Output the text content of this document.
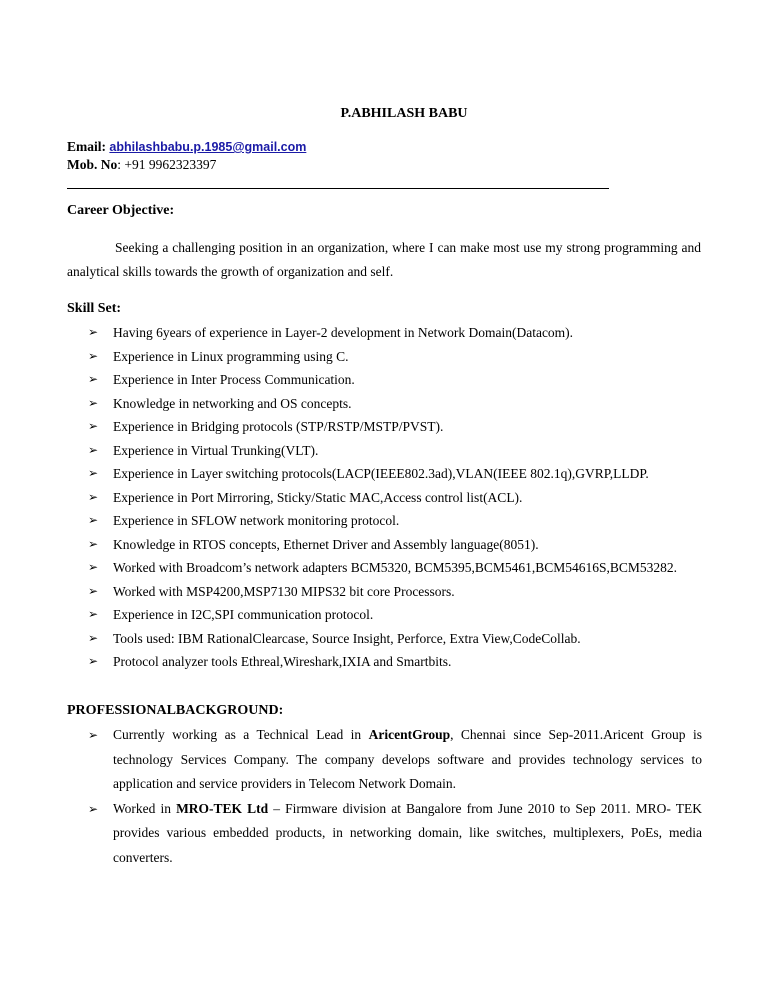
P.ABHILASH BABU
Email: abhilashbabu.p.1985@gmail.com
Mob. No: +91 9962323397
Career Objective:
Seeking a challenging position in an organization, where I can make most use my strong programming and analytical skills towards the growth of organization and self.
Skill Set:
➢ Having 6years of experience in Layer-2 development in Network Domain(Datacom).
➢ Experience in Linux programming using C.
➢ Experience in Inter Process Communication.
➢ Knowledge in networking and OS concepts.
➢ Experience in Bridging protocols (STP/RSTP/MSTP/PVST).
➢ Experience in Virtual Trunking(VLT).
➢ Experience in Layer switching protocols(LACP(IEEE802.3ad),VLAN(IEEE 802.1q),GVRP,LLDP.
➢ Experience in Port Mirroring, Sticky/Static MAC,Access control list(ACL).
➢ Experience in SFLOW network monitoring protocol.
➢ Knowledge in RTOS concepts, Ethernet Driver and Assembly language(8051).
➢ Worked with Broadcom’s network adapters BCM5320, BCM5395,BCM5461,BCM54616S,BCM53282.
➢ Worked with MSP4200,MSP7130 MIPS32 bit core Processors.
➢ Experience in I2C,SPI communication protocol.
➢ Tools used: IBM RationalClearcase, Source Insight, Perforce, Extra View,CodeCollab.
➢ Protocol analyzer tools Ethreal,Wireshark,IXIA and Smartbits.
PROFESSIONALBACKGROUND:
➢ Currently working as a Technical Lead in AricentGroup, Chennai since Sep-2011.Aricent Group is technology Services Company. The company develops software and provides technology services to application and service providers in Telecom Network Domain.
➢ Worked in MRO-TEK Ltd – Firmware division at Bangalore from June 2010 to Sep 2011. MRO- TEK provides various embedded products, in networking domain, like switches, multiplexers, PoEs, media converters.
